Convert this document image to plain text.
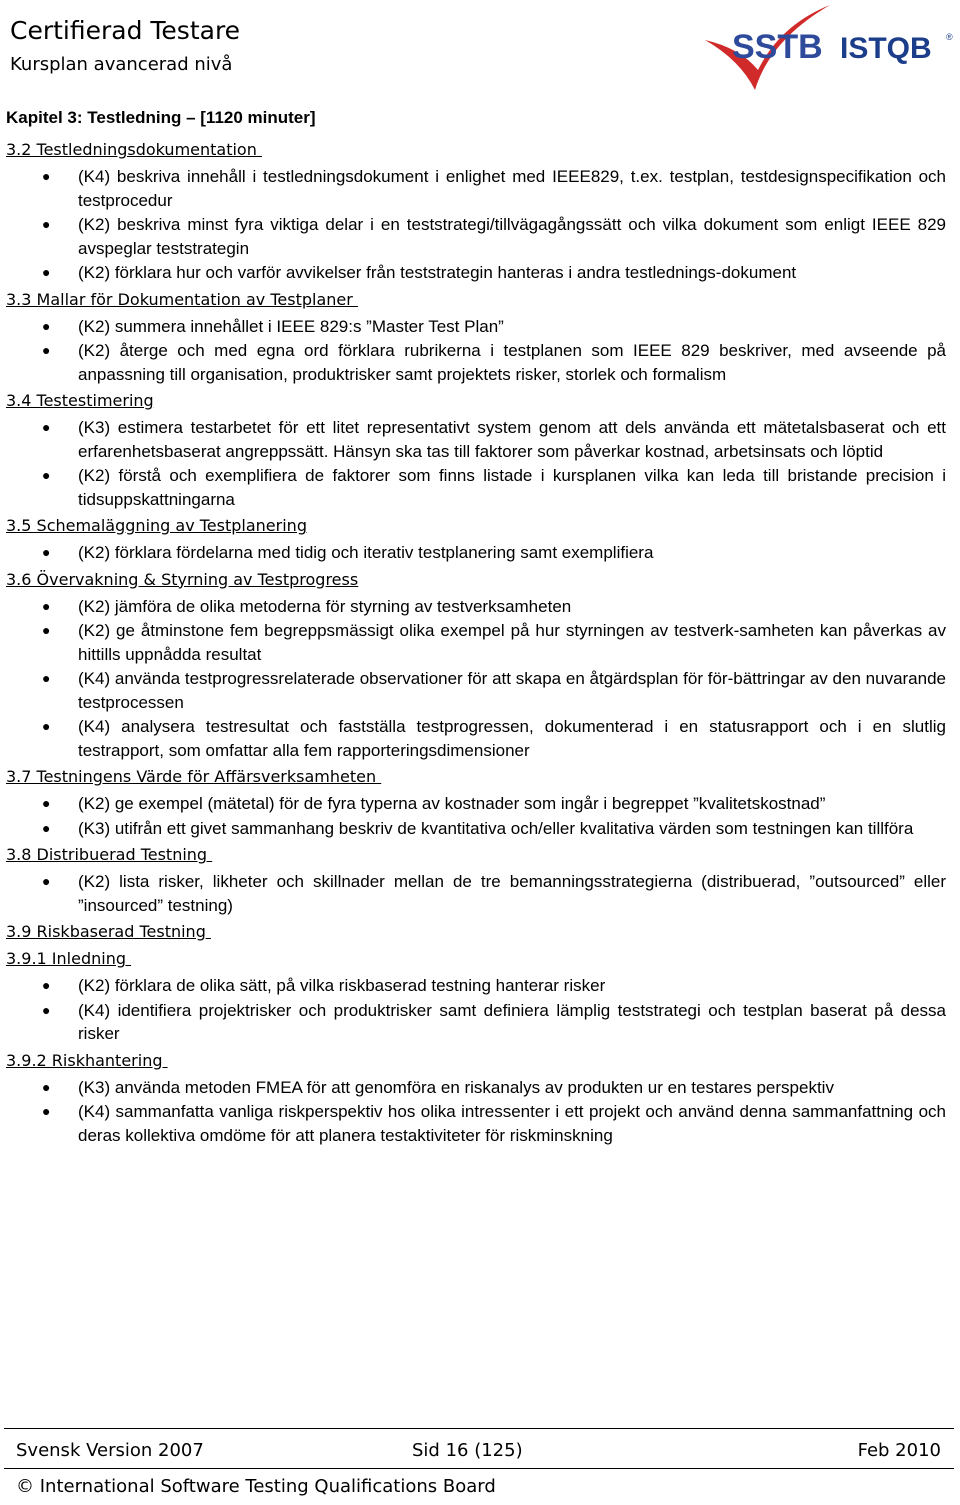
Certifierad Testare
Kursplan avancerad nivå	SSTB ISTQB ®
Kapitel 3: Testledning – [1120 minuter]
3.2 Testledningsdokumentation
● (K4) beskriva innehåll i testledningsdokument i enlighet med IEEE829, t.ex. testplan, testdesignspecifikation och testprocedur
● (K2) beskriva minst fyra viktiga delar i en teststrategi/tillvägagångssätt och vilka dokument som enligt IEEE 829 avspeglar teststrategin
● (K2) förklara hur och varför avvikelser från teststrategin hanteras i andra testlednings-dokument
3.3 Mallar för Dokumentation av Testplaner
● (K2) summera innehållet i IEEE 829:s ”Master Test Plan”
● (K2) återge och med egna ord förklara rubrikerna i testplanen som IEEE 829 beskriver, med avseende på anpassning till organisation, produktrisker samt projektets risker, storlek och formalism
3.4 Testestimering
● (K3) estimera testarbetet för ett litet representativt system genom att dels använda ett mätetalsbaserat och ett erfarenhetsbaserat angreppssätt. Hänsyn ska tas till faktorer som påverkar kostnad, arbetsinsats och löptid
● (K2) förstå och exemplifiera de faktorer som finns listade i kursplanen vilka kan leda till bristande precision i tidsuppskattningarna
3.5 Schemaläggning av Testplanering
● (K2) förklara fördelarna med tidig och iterativ testplanering samt exemplifiera
3.6 Övervakning & Styrning av Testprogress
● (K2) jämföra de olika metoderna för styrning av testverksamheten
● (K2) ge åtminstone fem begreppsmässigt olika exempel på hur styrningen av testverk-samheten kan påverkas av hittills uppnådda resultat
● (K4) använda testprogressrelaterade observationer för att skapa en åtgärdsplan för för-bättringar av den nuvarande testprocessen
● (K4) analysera testresultat och fastställa testprogressen, dokumenterad i en statusrapport och i en slutlig testrapport, som omfattar alla fem rapporteringsdimensioner
3.7 Testningens Värde för Affärsverksamheten
● (K2) ge exempel (mätetal) för de fyra typerna av kostnader som ingår i begreppet ”kvalitetskostnad”
● (K3) utifrån ett givet sammanhang beskriv de kvantitativa och/eller kvalitativa värden som testningen kan tillföra
3.8 Distribuerad Testning
● (K2) lista risker, likheter och skillnader mellan de tre bemanningsstrategierna (distribuerad, ”outsourced” eller ”insourced” testning)
3.9 Riskbaserad Testning
3.9.1 Inledning
● (K2) förklara de olika sätt, på vilka riskbaserad testning hanterar risker
● (K4) identifiera projektrisker och produktrisker samt definiera lämplig teststrategi och testplan baserat på dessa risker
3.9.2 Riskhantering
● (K3) använda metoden FMEA för att genomföra en riskanalys av produkten ur en testares perspektiv
● (K4) sammanfatta vanliga riskperspektiv hos olika intressenter i ett projekt och använd denna sammanfattning och deras kollektiva omdöme för att planera testaktiviteter för riskminskning
Svensk Version 2007	Sid 16 (125)	Feb 2010
© International Software Testing Qualifications Board
